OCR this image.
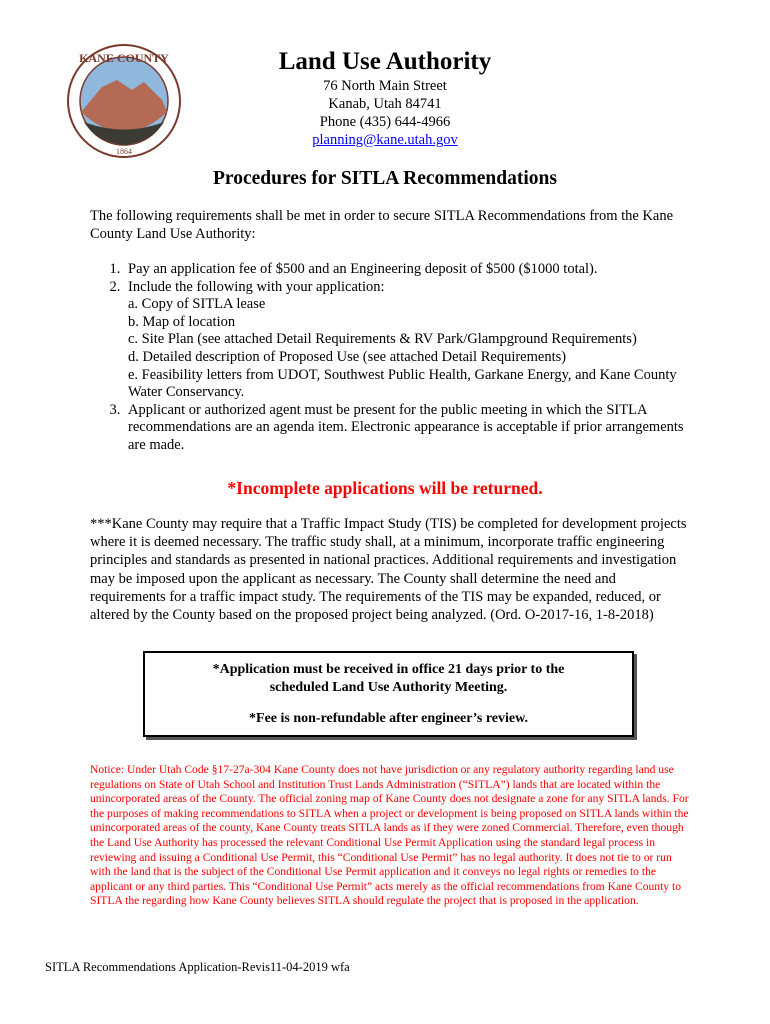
KANE COUNTY
1864
Land Use Authority
76 North Main Street
Kanab, Utah 84741
Phone (435) 644-4966
planning@kane.utah.gov
Procedures for SITLA Recommendations
The following requirements shall be met in order to secure SITLA Recommendations from the Kane County Land Use Authority:
1. Pay an application fee of $500 and an Engineering deposit of $500 ($1000 total).
2. Include the following with your application:
a. Copy of SITLA lease
b. Map of location
c. Site Plan (see attached Detail Requirements & RV Park/Glampground Requirements)
d. Detailed description of Proposed Use (see attached Detail Requirements)
e. Feasibility letters from UDOT, Southwest Public Health, Garkane Energy, and Kane County Water Conservancy.
3. Applicant or authorized agent must be present for the public meeting in which the SITLA recommendations are an agenda item. Electronic appearance is acceptable if prior arrangements are made.
*Incomplete applications will be returned.
***Kane County may require that a Traffic Impact Study (TIS) be completed for development projects where it is deemed necessary. The traffic study shall, at a minimum, incorporate traffic engineering principles and standards as presented in national practices. Additional requirements and investigation may be imposed upon the applicant as necessary. The County shall determine the need and requirements for a traffic impact study. The requirements of the TIS may be expanded, reduced, or altered by the County based on the proposed project being analyzed. (Ord. O-2017-16, 1-8-2018)
*Application must be received in office 21 days prior to the scheduled Land Use Authority Meeting.
*Fee is non-refundable after engineer’s review.
Notice: Under Utah Code §17-27a-304 Kane County does not have jurisdiction or any regulatory authority regarding land use regulations on State of Utah School and Institution Trust Lands Administration (“SITLA”) lands that are located within the unincorporated areas of the County. The official zoning map of Kane County does not designate a zone for any SITLA lands. For the purposes of making recommendations to SITLA when a project or development is being proposed on SITLA lands within the unincorporated areas of the county, Kane County treats SITLA lands as if they were zoned Commercial. Therefore, even though the Land Use Authority has processed the relevant Conditional Use Permit Application using the standard legal process in reviewing and issuing a Conditional Use Permit, this “Conditional Use Permit” has no legal authority. It does not tie to or run with the land that is the subject of the Conditional Use Permit application and it conveys no legal rights or remedies to the applicant or any third parties. This “Conditional Use Permit” acts merely as the official recommendations from Kane County to SITLA the regarding how Kane County believes SITLA should regulate the project that is proposed in the application.
SITLA Recommendations Application-Revis11-04-2019 wfa
